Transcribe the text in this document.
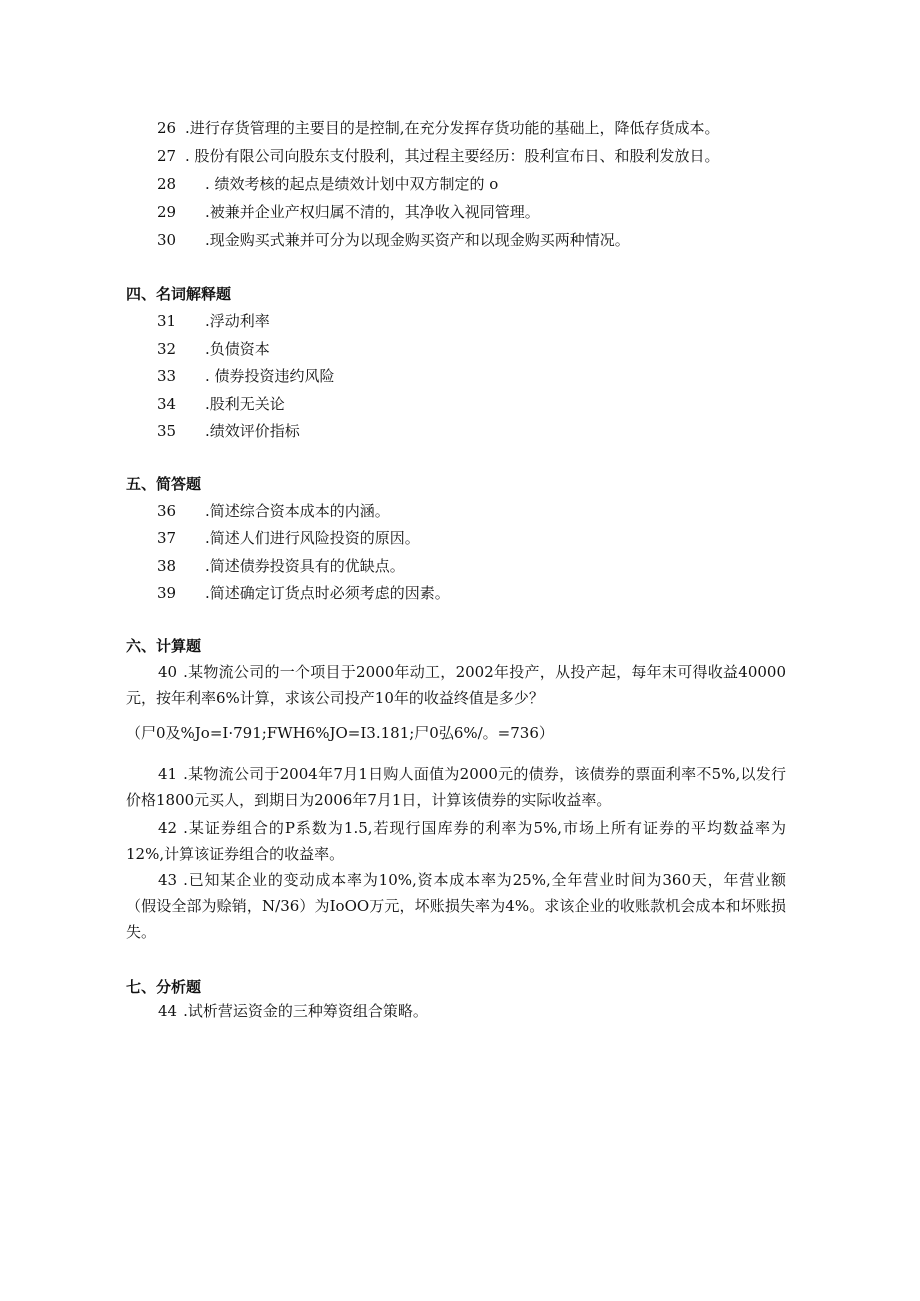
26 .进行存货管理的主要目的是控制,在充分发挥存货功能的基础上，降低存货成本。
27 . 股份有限公司向股东支付股利，其过程主要经历：股利宣布日、和股利发放日。
28 . 绩效考核的起点是绩效计划中双方制定的 o
29 .被兼并企业产权归属不清的，其净收入视同管理。
30 .现金购买式兼并可分为以现金购买资产和以现金购买两种情况。
四、名词解释题
31 .浮动利率
32 .负债资本
33 . 债券投资违约风险
34 .股利无关论
35 .绩效评价指标
五、简答题
36 .简述综合资本成本的内涵。
37 .简述人们进行风险投资的原因。
38 .简述债券投资具有的优缺点。
39 .简述确定订货点时必须考虑的因素。
六、计算题
40 .某物流公司的一个项目于2000年动工，2002年投产，从投产起，每年末可得收益40000元，按年利率6%计算，求该公司投产10年的收益终值是多少？
（尸0及%Jo=I·791;FWH6%JO=I3.181;尸0弘6%/。=736）
41 .某物流公司于2004年7月1日购人面值为2000元的债券，该债券的票面利率不5%,以发行价格1800元买人，到期日为2006年7月1日，计算该债券的实际收益率。
42 .某证券组合的P系数为1.5,若现行国库券的利率为5%,市场上所有证券的平均数益率为12%,计算该证券组合的收益率。
43 .已知某企业的变动成本率为10%,资本成本率为25%,全年营业时间为360天，年营业额（假设全部为赊销，N/36）为IoOO万元，坏账损失率为4%。求该企业的收账款机会成本和坏账损失。
七、分析题
44 .试析营运资金的三种筹资组合策略。
